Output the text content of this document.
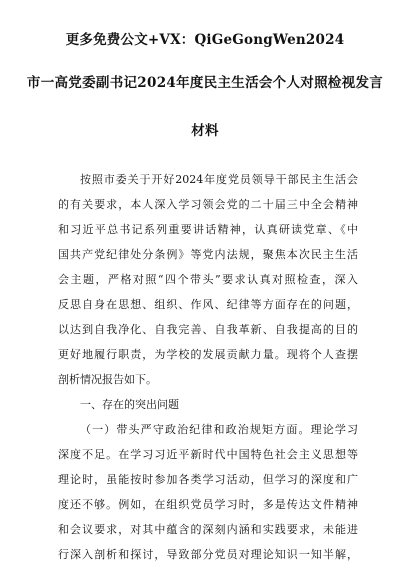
更多免费公文+VX：QiGeGongWen2024
市一高党委副书记2024年度民主生活会个人对照检视发言
材料
按照市委关于开好2024年度党员领导干部民主生活会
的有关要求，本人深入学习领会党的二十届三中全会精神
和习近平总书记系列重要讲话精神，认真研读党章、《中
国共产党纪律处分条例》等党内法规，聚焦本次民主生活
会主题，严格对照“四个带头”要求认真对照检查，深入
反思自身在思想、组织、作风、纪律等方面存在的问题，
以达到自我净化、自我完善、自我革新、自我提高的目的
更好地履行职责，为学校的发展贡献力量。现将个人查摆
剖析情况报告如下。
一、存在的突出问题
（一）带头严守政治纪律和政治规矩方面。理论学习
深度不足。在学习习近平新时代中国特色社会主义思想等
理论时，虽能按时参加各类学习活动，但学习的深度和广
度还不够。例如，在组织党员学习时，多是传达文件精神
和会议要求，对其中蕴含的深刻内涵和实践要求，未能进
行深入剖析和探讨，导致部分党员对理论知识一知半解，
